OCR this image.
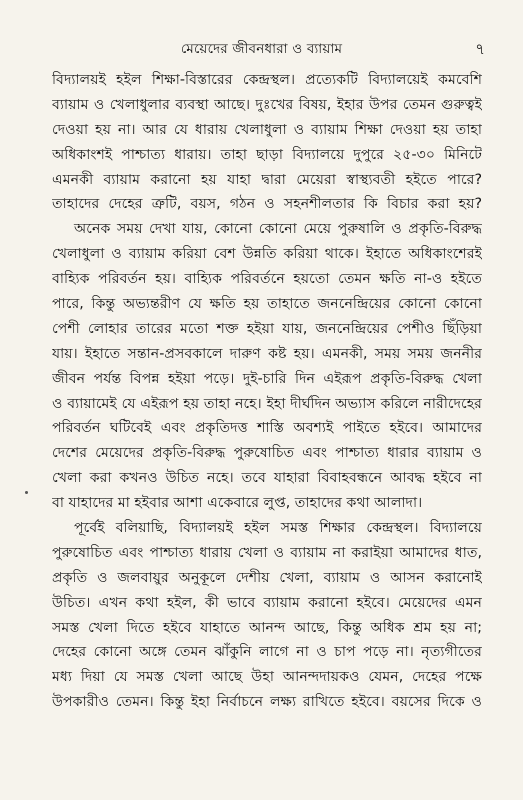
মেয়েদের জীবনধারা ও ব্যায়াম	৭
বিদ্যালয়ই হইল শিক্ষা-বিস্তারের কেন্দ্রস্থল। প্রত্যেকটি বিদ্যালয়েই কমবেশি
ব্যায়াম ও খেলাধুলার ব্যবস্থা আছে। দুঃখের বিষয়, ইহার উপর তেমন গুরুত্বই
দেওয়া হয় না। আর যে ধারায় খেলাধুলা ও ব্যায়াম শিক্ষা দেওয়া হয় তাহা
অধিকাংশই পাশ্চাত্য ধারায়। তাহা ছাড়া বিদ্যালয়ে দুপুরে ২৫-৩০ মিনিটে
এমনকী ব্যায়াম করানো হয় যাহা দ্বারা মেয়েরা স্বাস্থ্যবতী হইতে পারে?
তাহাদের দেহের ত্রুটি, বয়স, গঠন ও সহনশীলতার কি বিচার করা হয়?
অনেক সময় দেখা যায়, কোনো কোনো মেয়ে পুরুষালি ও প্রকৃতি-বিরুদ্ধ
খেলাধুলা ও ব্যায়াম করিয়া বেশ উন্নতি করিয়া থাকে। ইহাতে অধিকাংশেরই
বাহ্যিক পরিবর্তন হয়। বাহ্যিক পরিবর্তনে হয়তো তেমন ক্ষতি না-ও হইতে
পারে, কিন্তু অভ্যন্তরীণ যে ক্ষতি হয় তাহাতে জননেন্দ্রিয়ের কোনো কোনো
পেশী লোহার তারের মতো শক্ত হইয়া যায়, জননেন্দ্রিয়ের পেশীও ছিঁড়িয়া
যায়। ইহাতে সন্তান-প্রসবকালে দারুণ কষ্ট হয়। এমনকী, সময় সময় জননীর
জীবন পর্যন্ত বিপন্ন হইয়া পড়ে। দুই-চারি দিন এইরূপ প্রকৃতি-বিরুদ্ধ খেলা
ও ব্যায়ামেই যে এইরূপ হয় তাহা নহে। ইহা দীর্ঘদিন অভ্যাস করিলে নারীদেহের
পরিবর্তন ঘটিবেই এবং প্রকৃতিদত্ত শাস্তি অবশ্যই পাইতে হইবে। আমাদের
দেশের মেয়েদের প্রকৃতি-বিরুদ্ধ পুরুষোচিত এবং পাশ্চাত্য ধারার ব্যায়াম ও
খেলা করা কখনও উচিত নহে। তবে যাহারা বিবাহবন্ধনে আবদ্ধ হইবে না
বা যাহাদের মা হইবার আশা একেবারে লুপ্ত, তাহাদের কথা আলাদা।
পূর্বেই বলিয়াছি, বিদ্যালয়ই হইল সমস্ত শিক্ষার কেন্দ্রস্থল। বিদ্যালয়ে
পুরুষোচিত এবং পাশ্চাত্য ধারায় খেলা ও ব্যায়াম না করাইয়া আমাদের ধাত,
প্রকৃতি ও জলবায়ুর অনুকূলে দেশীয় খেলা, ব্যায়াম ও আসন করানোই
উচিত। এখন কথা হইল, কী ভাবে ব্যায়াম করানো হইবে। মেয়েদের এমন
সমস্ত খেলা দিতে হইবে যাহাতে আনন্দ আছে, কিন্তু অধিক শ্রম হয় না;
দেহের কোনো অঙ্গে তেমন ঝাঁকুনি লাগে না ও চাপ পড়ে না। নৃত্যগীতের
মধ্য দিয়া যে সমস্ত খেলা আছে উহা আনন্দদায়কও যেমন, দেহের পক্ষে
উপকারীও তেমন। কিন্তু ইহা নির্বাচনে লক্ষ্য রাখিতে হইবে। বয়সের দিকে ও
